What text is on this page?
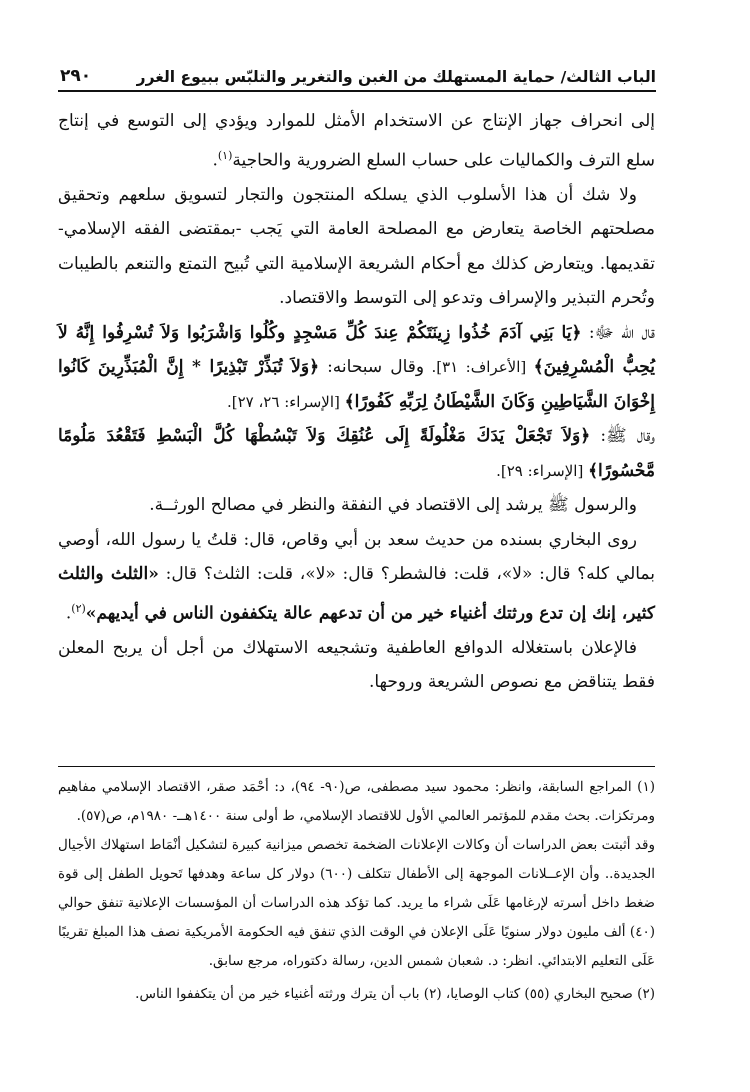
الباب الثالث/ حماية المستهلك من الغبن والتغرير والتلبّس ببيوع الغرر
٢٩٠

إلى انحراف جهاز الإنتاج عن الاستخدام الأمثل للموارد ويؤدي إلى التوسع في إنتاج سلع الترف والكماليات على حساب السلع الضرورية والحاجية$^{(١)}$.

ولا شك أن هذا الأسلوب الذي يسلكه المنتجون والتجار لتسويق سلعهم وتحقيق مصلحتهم الخاصة يتعارض مع المصلحة العامة التي يَجب -بمقتضى الفقه الإسلامي- تقديمها. ويتعارض كذلك مع أحكام الشريعة الإسلامية التي تُبيح التمتع والتنعم بالطيبات وتُحرم التبذير والإسراف وتدعو إلى التوسط والاقتصاد.

قال الله ﷻ: ﴿يَا بَنِي آدَمَ خُذُوا زِينَتَكُمْ عِندَ كُلِّ مَسْجِدٍ وكُلُوا وَاشْرَبُوا وَلاَ تُسْرِفُوا إِنَّهُ لاَ يُحِبُّ الْمُسْرِفِينَ﴾ [الأعراف: ٣١]. وقال سبحانه: ﴿وَلاَ تُبَذِّرْ تَبْذِيرًا * إِنَّ الْمُبَذِّرِينَ كَانُوا إِخْوَانَ الشَّيَاطِينِ وَكَانَ الشَّيْطَانُ لِرَبِّهِ كَفُورًا﴾ [الإسراء: ٢٦، ٢٧].

وقال ﷺ: ﴿وَلاَ تَجْعَلْ يَدَكَ مَغْلُولَةً إِلَى عُنُقِكَ وَلاَ تَبْسُطْهَا كُلَّ الْبَسْطِ فَتَقْعُدَ مَلُومًا مَّحْسُورًا﴾ [الإسراء: ٢٩].

والرسول ﷺ يرشد إلى الاقتصاد في النفقة والنظر في مصالح الورثــة.

روى البخاري بسنده من حديث سعد بن أبي وقاص، قال: قلتُ يا رسول الله، أوصي بمالي كله؟ قال: «لا»، قلت: فالشطر؟ قال: «لا»، قلت: الثلث؟ قال: «الثلث والثلث كثير، إنك إن تدع ورثتك أغنياء خير من أن تدعهم عالة يتكففون الناس في أيديهم»$^{(٢)}$.

فالإعلان باستغلاله الدوافع العاطفية وتشجيعه الاستهلاك من أجل أن يربح المعلن فقط يتناقض مع نصوص الشريعة وروحها.

(١) المراجع السابقة، وانظر: محمود سيد مصطفى، ص(٩٠- ٩٤)، د: أحْمَد صقر، الاقتصاد الإسلامي مفاهيم ومرتكزات. بحث مقدم للمؤتمر العالمي الأول للاقتصاد الإسلامي، ط أولى سنة ١٤٠٠هــ- ١٩٨٠م، ص(٥٧).

وقد أثبتت بعض الدراسات أن وكالات الإعلانات الضخمة تخصص ميزانية كبيرة لتشكيل أنْمَاط استهلاك الأجيال الجديدة.. وأن الإعــلانات الموجهة إلى الأطفال تتكلف (٦٠٠) دولار كل ساعة وهدفها تَحويل الطفل إلى قوة ضغط داخل أسرته لإرغامها عَلَى شراء ما يريد. كما تؤكد هذه الدراسات أن المؤسسات الإعلانية تنفق حوالي (٤٠) ألف مليون دولار سنويًا عَلَى الإعلان في الوقت الذي تنفق فيه الحكومة الأمريكية نصف هذا المبلغ تقريبًا عَلَى التعليم الابتدائي. انظر: د. شعبان شمس الدين، رسالة دكتوراه، مرجع سابق.

(٢) صحيح البخاري (٥٥) كتاب الوصايا، (٢) باب أن يترك ورثته أغنياء خير من أن يتكففوا الناس.
